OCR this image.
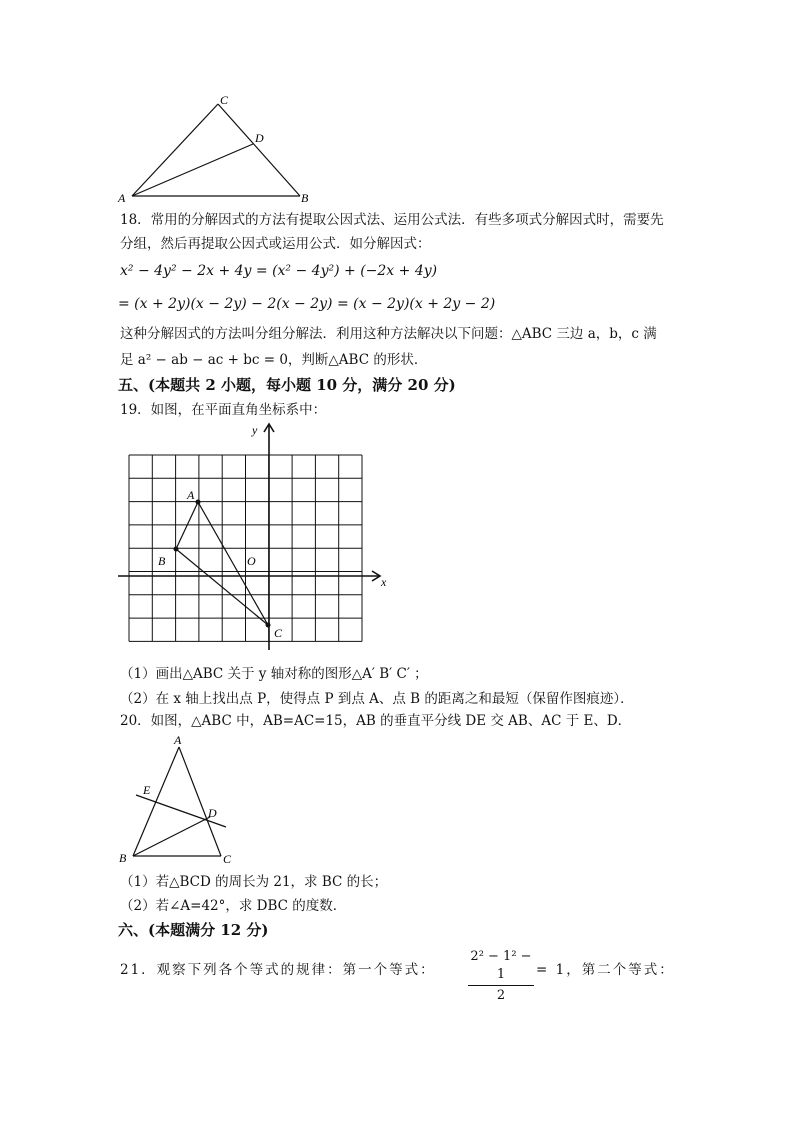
A
C
D
B
18．常用的分解因式的方法有提取公因式法、运用公式法．有些多项式分解因式时，需要先
分组，然后再提取公因式或运用公式．如分解因式：
x² − 4y² − 2x + 4y = (x² − 4y²) + (−2x + 4y)
= (x + 2y)(x − 2y) − 2(x − 2y) = (x − 2y)(x + 2y − 2)
这种分解因式的方法叫分组分解法．利用这种方法解决以下问题：△ABC 三边 a，b，c 满
足 a² − ab − ac + bc = 0，判断△ABC 的形状．
五、(本题共 2 小题，每小题 10 分，满分 20 分)
19．如图，在平面直角坐标系中：
A
B
C
O
x
y
（1）画出△ABC 关于 y 轴对称的图形△A′ B′ C′ ；
（2）在 x 轴上找出点 P，使得点 P 到点 A、点 B 的距离之和最短（保留作图痕迹）．
20．如图，△ABC 中，AB=AC=15，AB 的垂直平分线 DE 交 AB、AC 于 E、D．
A
E
D
B	C
（1）若△BCD 的周长为 21，求 BC 的长；
（2）若∠A=42°，求 DBC 的度数．
六、(本题满分 12 分)
21．观察下列各个等式的规律：第一个等式：
2² − 1² − 1
2
= 1，第二个等式：
